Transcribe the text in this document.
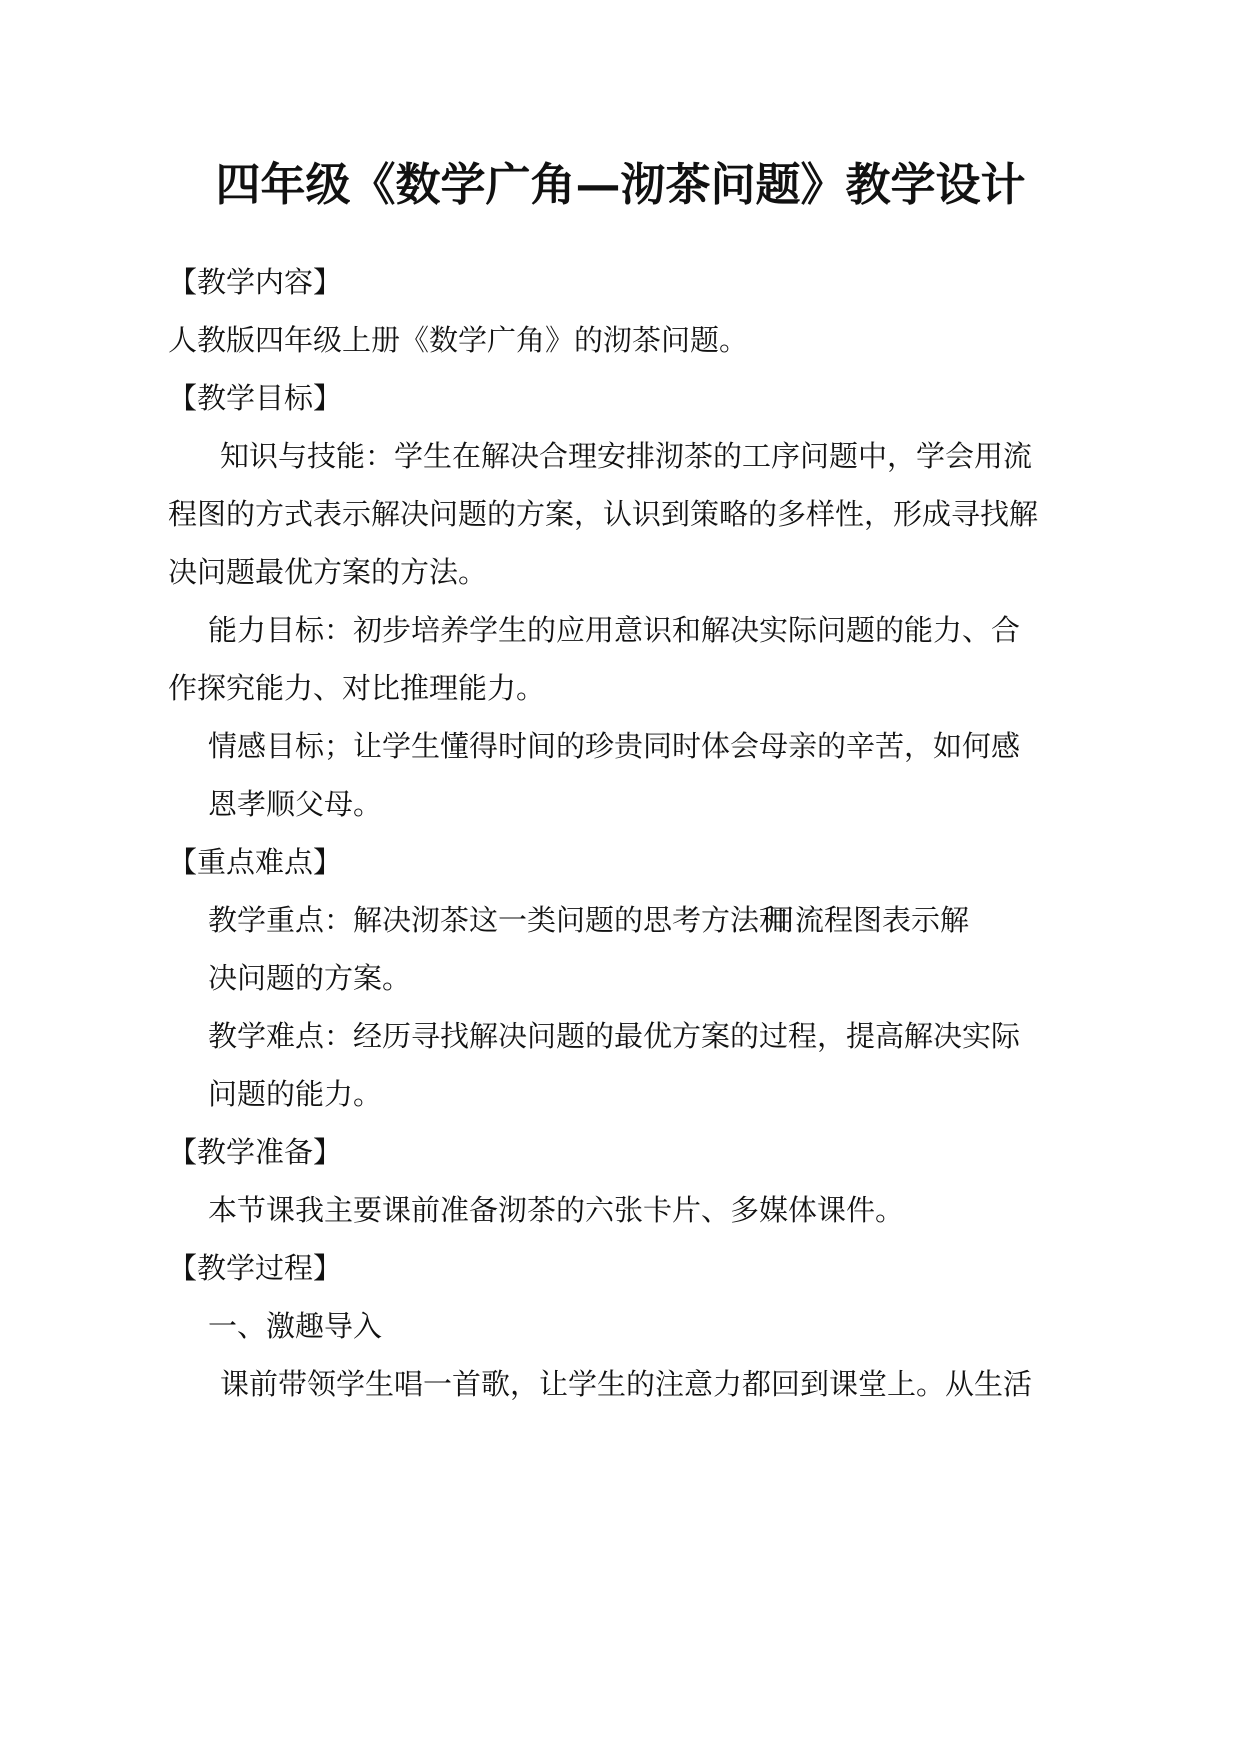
四年级《数学广角—沏茶问题》教学设计

【教学内容】

人教版四年级上册《数学广角》的沏茶问题。

【教学目标】

知识与技能：学生在解决合理安排沏茶的工序问题中，学会用流

程图的方式表示解决问题的方案，认识到策略的多样性，形成寻找解

决问题最优方案的方法。

能力目标：初步培养学生的应用意识和解决实际问题的能力、合

作探究能力、对比推理能力。

情感目标；让学生懂得时间的珍贵同时体会母亲的辛苦，如何感

恩孝顺父母。

【重点难点】

教学重点：解决沏茶这一类问题的思考方法和

用流程图表示解

决问题的方案。

教学难点：经历寻找解决问题的最优方案的过程，提高解决实际

问题的能力。

【教学准备】

本节课我主要课前准备沏茶的六张卡片、多媒体课件。

【教学过程】

一、激趣导入

课前带领学生唱一首歌，让学生的注意力都回到课堂上。从生活
